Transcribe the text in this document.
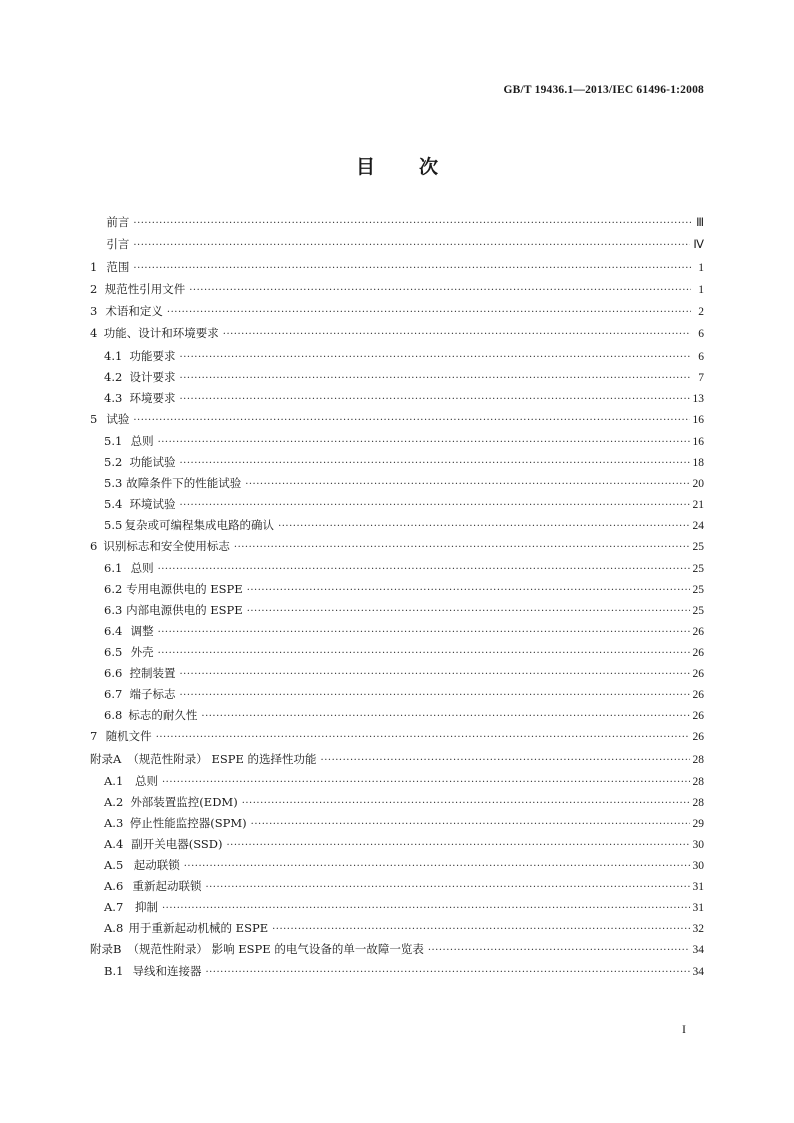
GB/T 19436.1—2013/IEC 61496-1:2008
目次
前言 ·····	Ⅲ
引言 ·····	Ⅳ
1 范围 ·····	1
2 规范性引用文件 ·····	1
3 术语和定义 ·····	2
4 功能、设计和环境要求 ·····	6
4.1 功能要求 ·····	6
4.2 设计要求 ·····	7
4.3 环境要求 ·····	13
5 试验 ·····	16
5.1 总则 ·····	16
5.2 功能试验 ·····	18
5.3 故障条件下的性能试验 ·····	20
5.4 环境试验 ·····	21
5.5 复杂或可编程集成电路的确认 ·····	24
6 识别标志和安全使用标志 ·····	25
6.1 总则 ·····	25
6.2 专用电源供电的 ESPE ·····	25
6.3 内部电源供电的 ESPE ·····	25
6.4 调整 ·····	26
6.5 外壳 ·····	26
6.6 控制装置 ·····	26
6.7 端子标志 ·····	26
6.8 标志的耐久性 ·····	26
7 随机文件 ·····	26
附录A （规范性附录） ESPE 的选择性功能 ·····	28
A.1	总则 ·····	28
A.2 外部装置监控(EDM) ·····	28
A.3 停止性能监控器(SPM) ·····	29
A.4 副开关电器(SSD) ·····	30
A.5 起动联锁 ·····	30
A.6 重新起动联锁 ·····	31
A.7	抑制 ·····	31
A.8 用于重新起动机械的 ESPE ·····	32
附录B （规范性附录） 影响 ESPE 的电气设备的单一故障一览表 ·····	34
B.1 导线和连接器 ·····	34
I
